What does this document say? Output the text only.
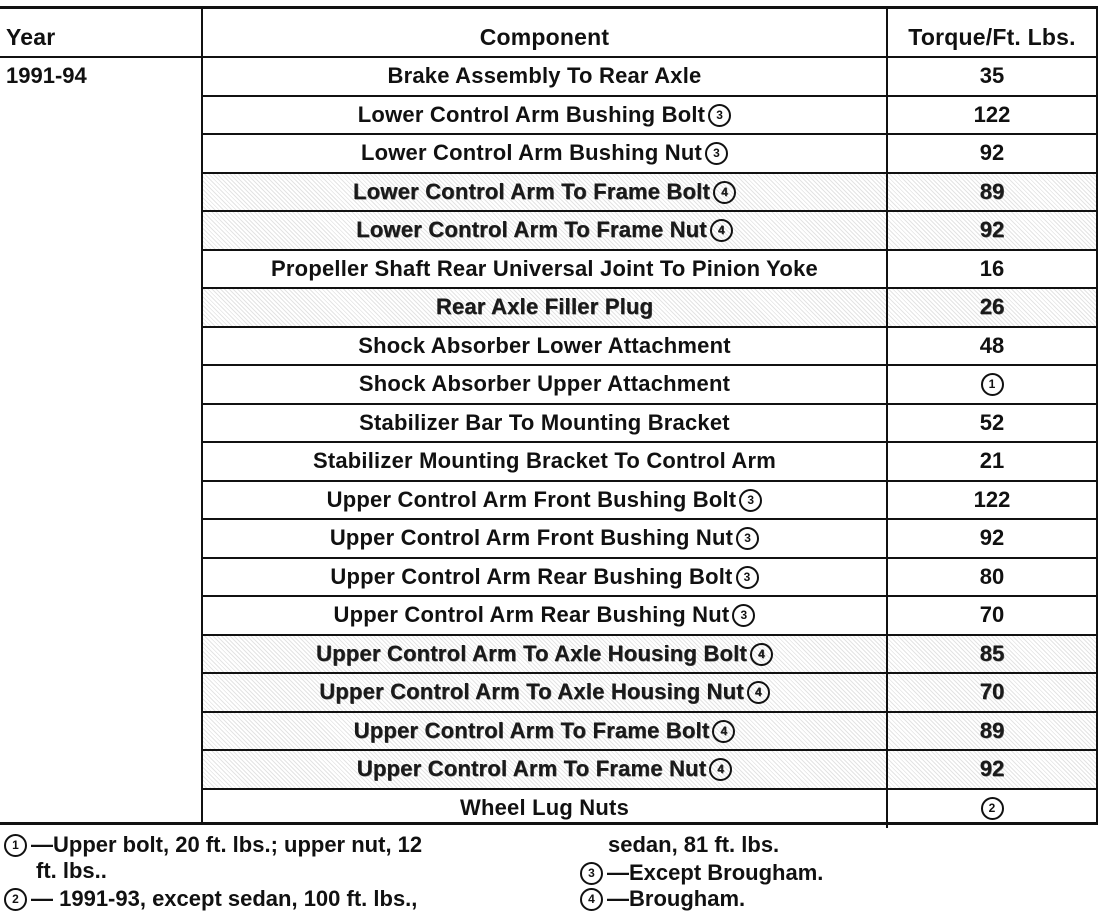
Year	Component	Torque/Ft. Lbs.
1991-94	Brake Assembly To Rear Axle	35
Lower Control Arm Bushing Bolt 3	122
Lower Control Arm Bushing Nut 3	92
Lower Control Arm To Frame Bolt 4	89
Lower Control Arm To Frame Nut 4	92
Propeller Shaft Rear Universal Joint To Pinion Yoke	16
Rear Axle Filler Plug	26
Shock Absorber Lower Attachment	48
Shock Absorber Upper Attachment	1
Stabilizer Bar To Mounting Bracket	52
Stabilizer Mounting Bracket To Control Arm	21
Upper Control Arm Front Bushing Bolt 3	122
Upper Control Arm Front Bushing Nut 3	92
Upper Control Arm Rear Bushing Bolt 3	80
Upper Control Arm Rear Bushing Nut 3	70
Upper Control Arm To Axle Housing Bolt 4	85
Upper Control Arm To Axle Housing Nut 4	70
Upper Control Arm To Frame Bolt 4	89
Upper Control Arm To Frame Nut 4	92
Wheel Lug Nuts	2
1 —Upper bolt, 20 ft. lbs.; upper nut, 12
ft. lbs..
2 — 1991-93, except sedan, 100 ft. lbs.,
sedan, 81 ft. lbs.
3 —Except Brougham.
4 —Brougham.
